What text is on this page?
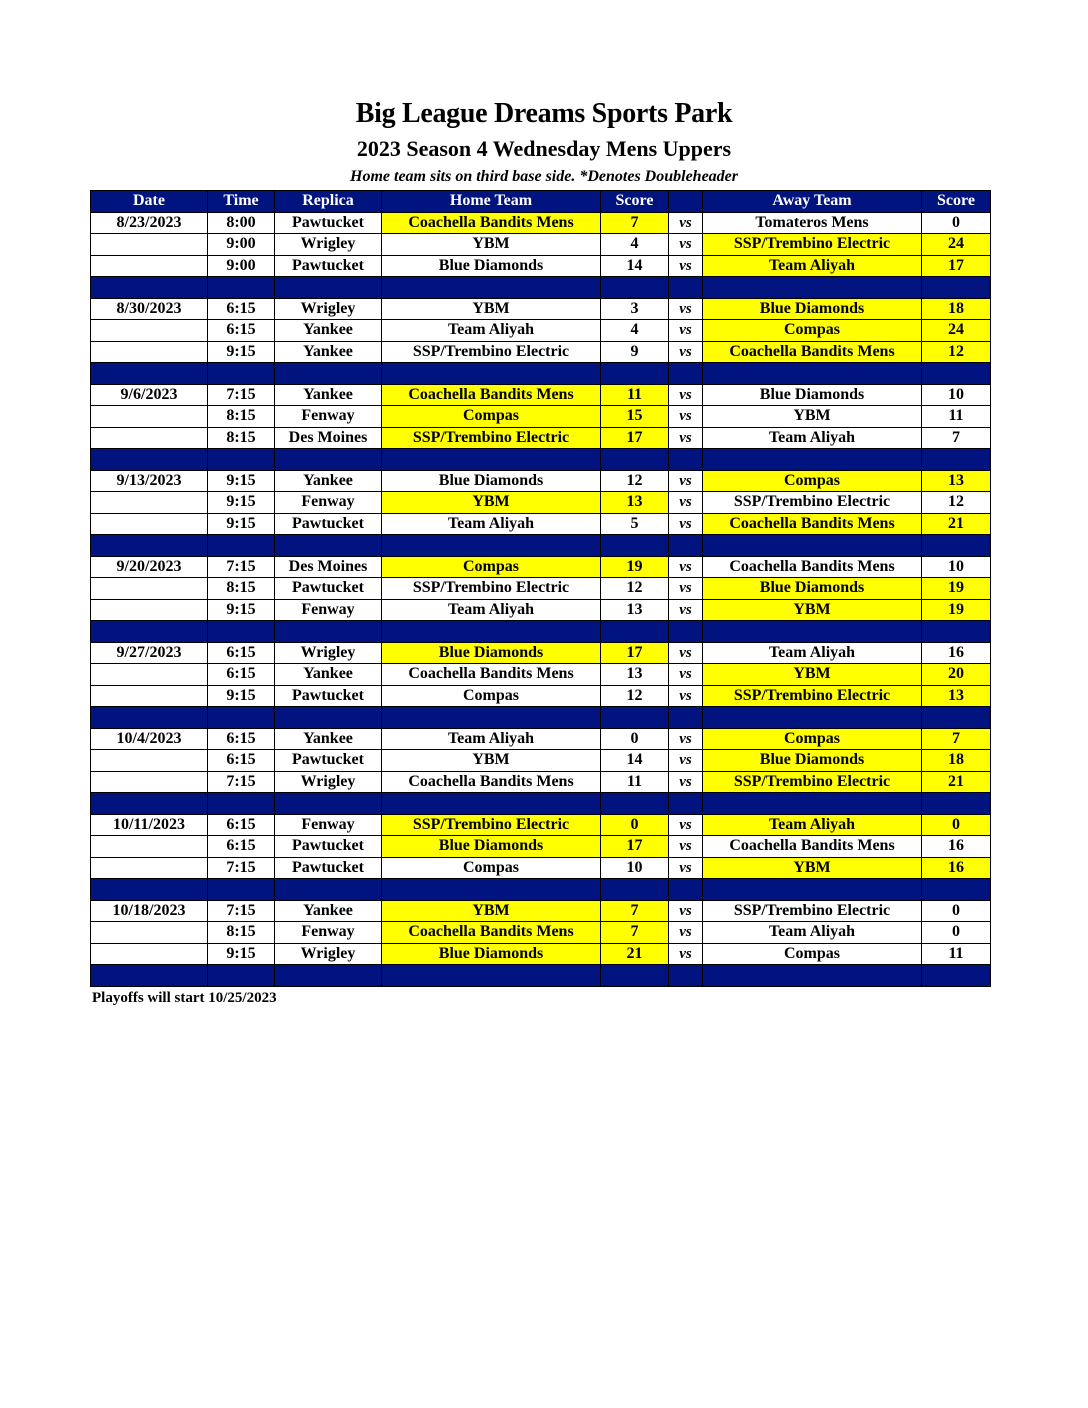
Big League Dreams Sports Park
2023 Season 4 Wednesday Mens Uppers
Home team sits on third base side. *Denotes Doubleheader
Date	Time	Replica	Home Team	Score		Away Team	Score
8/23/2023	8:00	Pawtucket	Coachella Bandits Mens	7	vs	Tomateros Mens	0
	9:00	Wrigley	YBM	4	vs	SSP/Trembino Electric	24
	9:00	Pawtucket	Blue Diamonds	14	vs	Team Aliyah	17

8/30/2023	6:15	Wrigley	YBM	3	vs	Blue Diamonds	18
	6:15	Yankee	Team Aliyah	4	vs	Compas	24
	9:15	Yankee	SSP/Trembino Electric	9	vs	Coachella Bandits Mens	12

9/6/2023	7:15	Yankee	Coachella Bandits Mens	11	vs	Blue Diamonds	10
	8:15	Fenway	Compas	15	vs	YBM	11
	8:15	Des Moines	SSP/Trembino Electric	17	vs	Team Aliyah	7

9/13/2023	9:15	Yankee	Blue Diamonds	12	vs	Compas	13
	9:15	Fenway	YBM	13	vs	SSP/Trembino Electric	12
	9:15	Pawtucket	Team Aliyah	5	vs	Coachella Bandits Mens	21

9/20/2023	7:15	Des Moines	Compas	19	vs	Coachella Bandits Mens	10
	8:15	Pawtucket	SSP/Trembino Electric	12	vs	Blue Diamonds	19
	9:15	Fenway	Team Aliyah	13	vs	YBM	19

9/27/2023	6:15	Wrigley	Blue Diamonds	17	vs	Team Aliyah	16
	6:15	Yankee	Coachella Bandits Mens	13	vs	YBM	20
	9:15	Pawtucket	Compas	12	vs	SSP/Trembino Electric	13

10/4/2023	6:15	Yankee	Team Aliyah	0	vs	Compas	7
	6:15	Pawtucket	YBM	14	vs	Blue Diamonds	18
	7:15	Wrigley	Coachella Bandits Mens	11	vs	SSP/Trembino Electric	21

10/11/2023	6:15	Fenway	SSP/Trembino Electric	0	vs	Team Aliyah	0
	6:15	Pawtucket	Blue Diamonds	17	vs	Coachella Bandits Mens	16
	7:15	Pawtucket	Compas	10	vs	YBM	16

10/18/2023	7:15	Yankee	YBM	7	vs	SSP/Trembino Electric	0
	8:15	Fenway	Coachella Bandits Mens	7	vs	Team Aliyah	0
	9:15	Wrigley	Blue Diamonds	21	vs	Compas	11

Playoffs will start 10/25/2023
